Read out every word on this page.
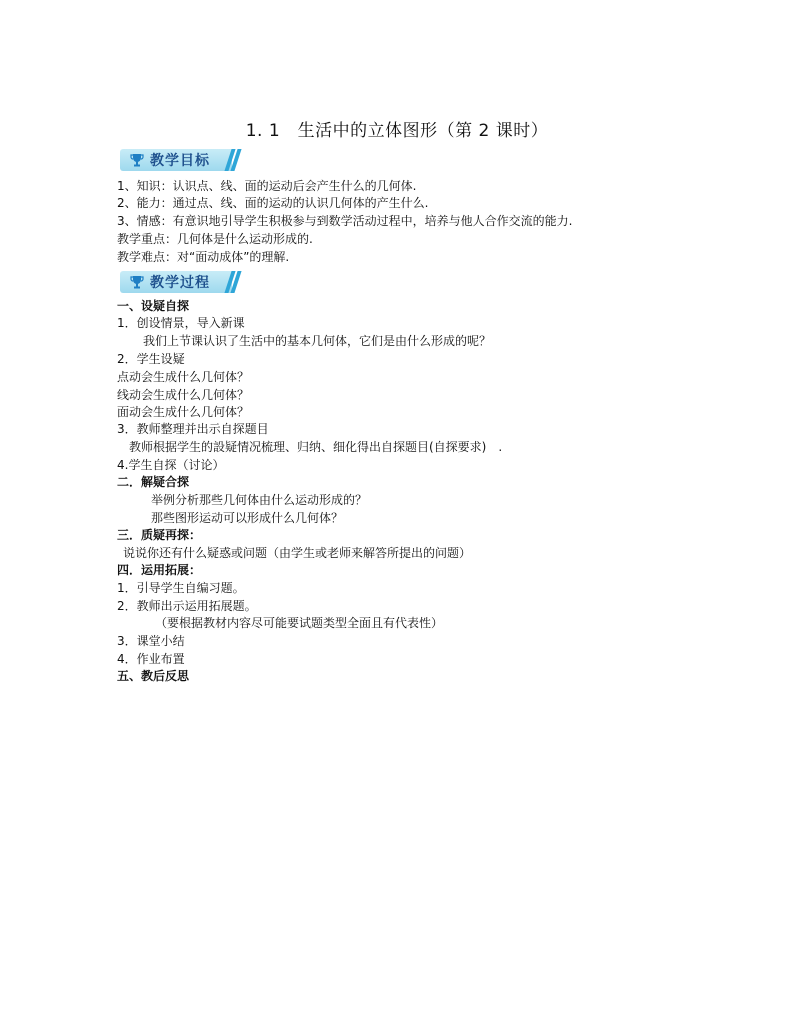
1. 1　生活中的立体图形（第 2 课时）
教学目标
1、知识：认识点、线、面的运动后会产生什么的几何体.
2、能力：通过点、线、面的运动的认识几何体的产生什么.
3、情感：有意识地引导学生积极参与到数学活动过程中，培养与他人合作交流的能力.
教学重点：几何体是什么运动形成的.
教学难点：对“面动成体”的理解.
教学过程
一、设疑自探
1．创设情景，导入新课
我们上节课认识了生活中的基本几何体，它们是由什么形成的呢？
2．学生设疑
点动会生成什么几何体？
线动会生成什么几何体？
面动会生成什么几何体？
3．教师整理并出示自探题目
教师根据学生的設疑情况梳理、归纳、细化得出自探题目(自探要求)　.
4.学生自探（讨论）
二．解疑合探
举例分析那些几何体由什么运动形成的？
那些图形运动可以形成什么几何体？
三．质疑再探：
说说你还有什么疑惑或问题（由学生或老师来解答所提出的问题）
四．运用拓展：
1．引导学生自编习题。
2．教师出示运用拓展题。
（要根据教材内容尽可能要试题类型全面且有代表性）
3．课堂小结
4．作业布置
五、教后反思
